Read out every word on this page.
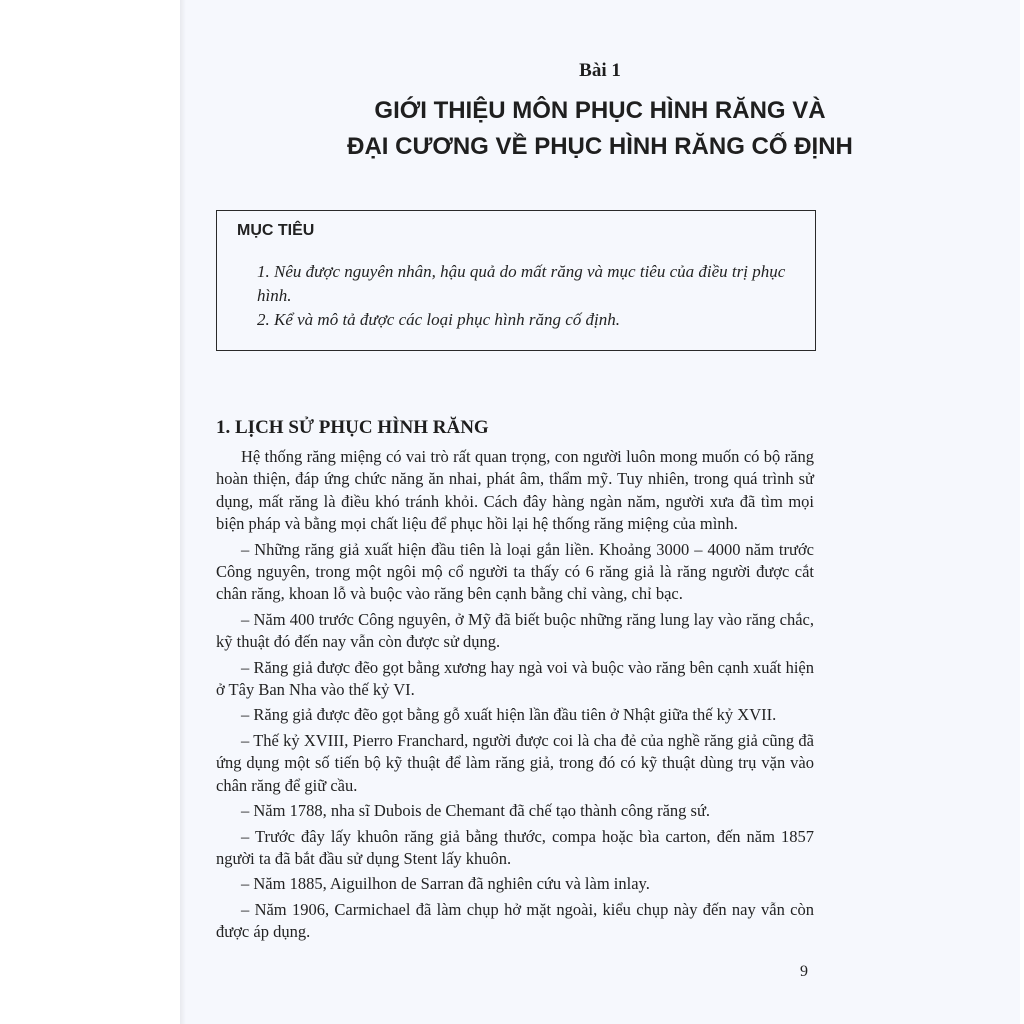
Bài 1
GIỚI THIỆU MÔN PHỤC HÌNH RĂNG VÀ
ĐẠI CƯƠNG VỀ PHỤC HÌNH RĂNG CỐ ĐỊNH
MỤC TIÊU
1. Nêu được nguyên nhân, hậu quả do mất răng và mục tiêu của điều trị phục hình.
2. Kể và mô tả được các loại phục hình răng cố định.
1. LỊCH SỬ PHỤC HÌNH RĂNG

Hệ thống răng miệng có vai trò rất quan trọng, con người luôn mong muốn có bộ răng hoàn thiện, đáp ứng chức năng ăn nhai, phát âm, thẩm mỹ. Tuy nhiên, trong quá trình sử dụng, mất răng là điều khó tránh khỏi. Cách đây hàng ngàn năm, người xưa đã tìm mọi biện pháp và bằng mọi chất liệu để phục hồi lại hệ thống răng miệng của mình.

– Những răng giả xuất hiện đầu tiên là loại gắn liền. Khoảng 3000 – 4000 năm trước Công nguyên, trong một ngôi mộ cổ người ta thấy có 6 răng giả là răng người được cắt chân răng, khoan lỗ và buộc vào răng bên cạnh bằng chỉ vàng, chỉ bạc.

– Năm 400 trước Công nguyên, ở Mỹ đã biết buộc những răng lung lay vào răng chắc, kỹ thuật đó đến nay vẫn còn được sử dụng.

– Răng giả được đẽo gọt bằng xương hay ngà voi và buộc vào răng bên cạnh xuất hiện ở Tây Ban Nha vào thế kỷ VI.

– Răng giả được đẽo gọt bằng gỗ xuất hiện lần đầu tiên ở Nhật giữa thế kỷ XVII.

– Thế kỷ XVIII, Pierro Franchard, người được coi là cha đẻ của nghề răng giả cũng đã ứng dụng một số tiến bộ kỹ thuật để làm răng giả, trong đó có kỹ thuật dùng trụ vặn vào chân răng để giữ cầu.

– Năm 1788, nha sĩ Dubois de Chemant đã chế tạo thành công răng sứ.

– Trước đây lấy khuôn răng giả bằng thước, compa hoặc bìa carton, đến năm 1857 người ta đã bắt đầu sử dụng Stent lấy khuôn.

– Năm 1885, Aiguilhon de Sarran đã nghiên cứu và làm inlay.

– Năm 1906, Carmichael đã làm chụp hở mặt ngoài, kiểu chụp này đến nay vẫn còn được áp dụng.

9
